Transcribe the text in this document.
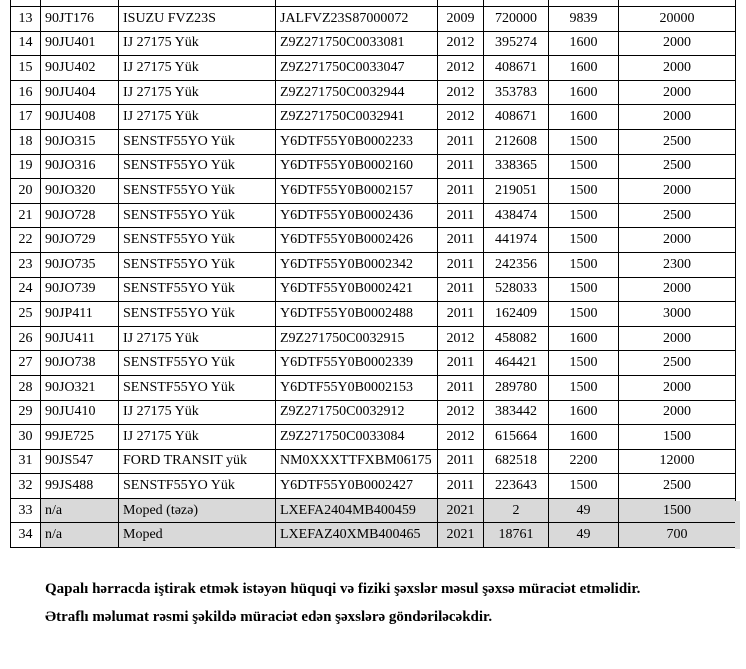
13	90JT176	ISUZU FVZ23S	JALFVZ23S87000072	2009	720000	9839	20000
14	90JU401	IJ 27175 Yük	Z9Z271750C0033081	2012	395274	1600	2000
15	90JU402	IJ 27175 Yük	Z9Z271750C0033047	2012	408671	1600	2000
16	90JU404	IJ 27175 Yük	Z9Z271750C0032944	2012	353783	1600	2000
17	90JU408	IJ 27175 Yük	Z9Z271750C0032941	2012	408671	1600	2000
18	90JO315	SENSTF55YO Yük	Y6DTF55Y0B0002233	2011	212608	1500	2500
19	90JO316	SENSTF55YO Yük	Y6DTF55Y0B0002160	2011	338365	1500	2500
20	90JO320	SENSTF55YO Yük	Y6DTF55Y0B0002157	2011	219051	1500	2000
21	90JO728	SENSTF55YO Yük	Y6DTF55Y0B0002436	2011	438474	1500	2500
22	90JO729	SENSTF55YO Yük	Y6DTF55Y0B0002426	2011	441974	1500	2000
23	90JO735	SENSTF55YO Yük	Y6DTF55Y0B0002342	2011	242356	1500	2300
24	90JO739	SENSTF55YO Yük	Y6DTF55Y0B0002421	2011	528033	1500	2000
25	90JP411	SENSTF55YO Yük	Y6DTF55Y0B0002488	2011	162409	1500	3000
26	90JU411	IJ 27175 Yük	Z9Z271750C0032915	2012	458082	1600	2000
27	90JO738	SENSTF55YO Yük	Y6DTF55Y0B0002339	2011	464421	1500	2500
28	90JO321	SENSTF55YO Yük	Y6DTF55Y0B0002153	2011	289780	1500	2000
29	90JU410	IJ 27175 Yük	Z9Z271750C0032912	2012	383442	1600	2000
30	99JE725	IJ 27175 Yük	Z9Z271750C0033084	2012	615664	1600	1500
31	90JS547	FORD TRANSIT yük	NM0XXXTTFXBM06175	2011	682518	2200	12000
32	99JS488	SENSTF55YO Yük	Y6DTF55Y0B0002427	2011	223643	1500	2500
33	n/a	Moped (təzə)	LXEFA2404MB400459	2021	2	49	1500
34	n/a	Moped	LXEFAZ40XMB400465	2021	18761	49	700

Qapalı hərracda iştirak etmək istəyən hüquqi və fiziki şəxslər məsul şəxsə müraciət etməlidir.

Ətraflı məlumat rəsmi şəkildə müraciət edən şəxslərə göndəriləcəkdir.
